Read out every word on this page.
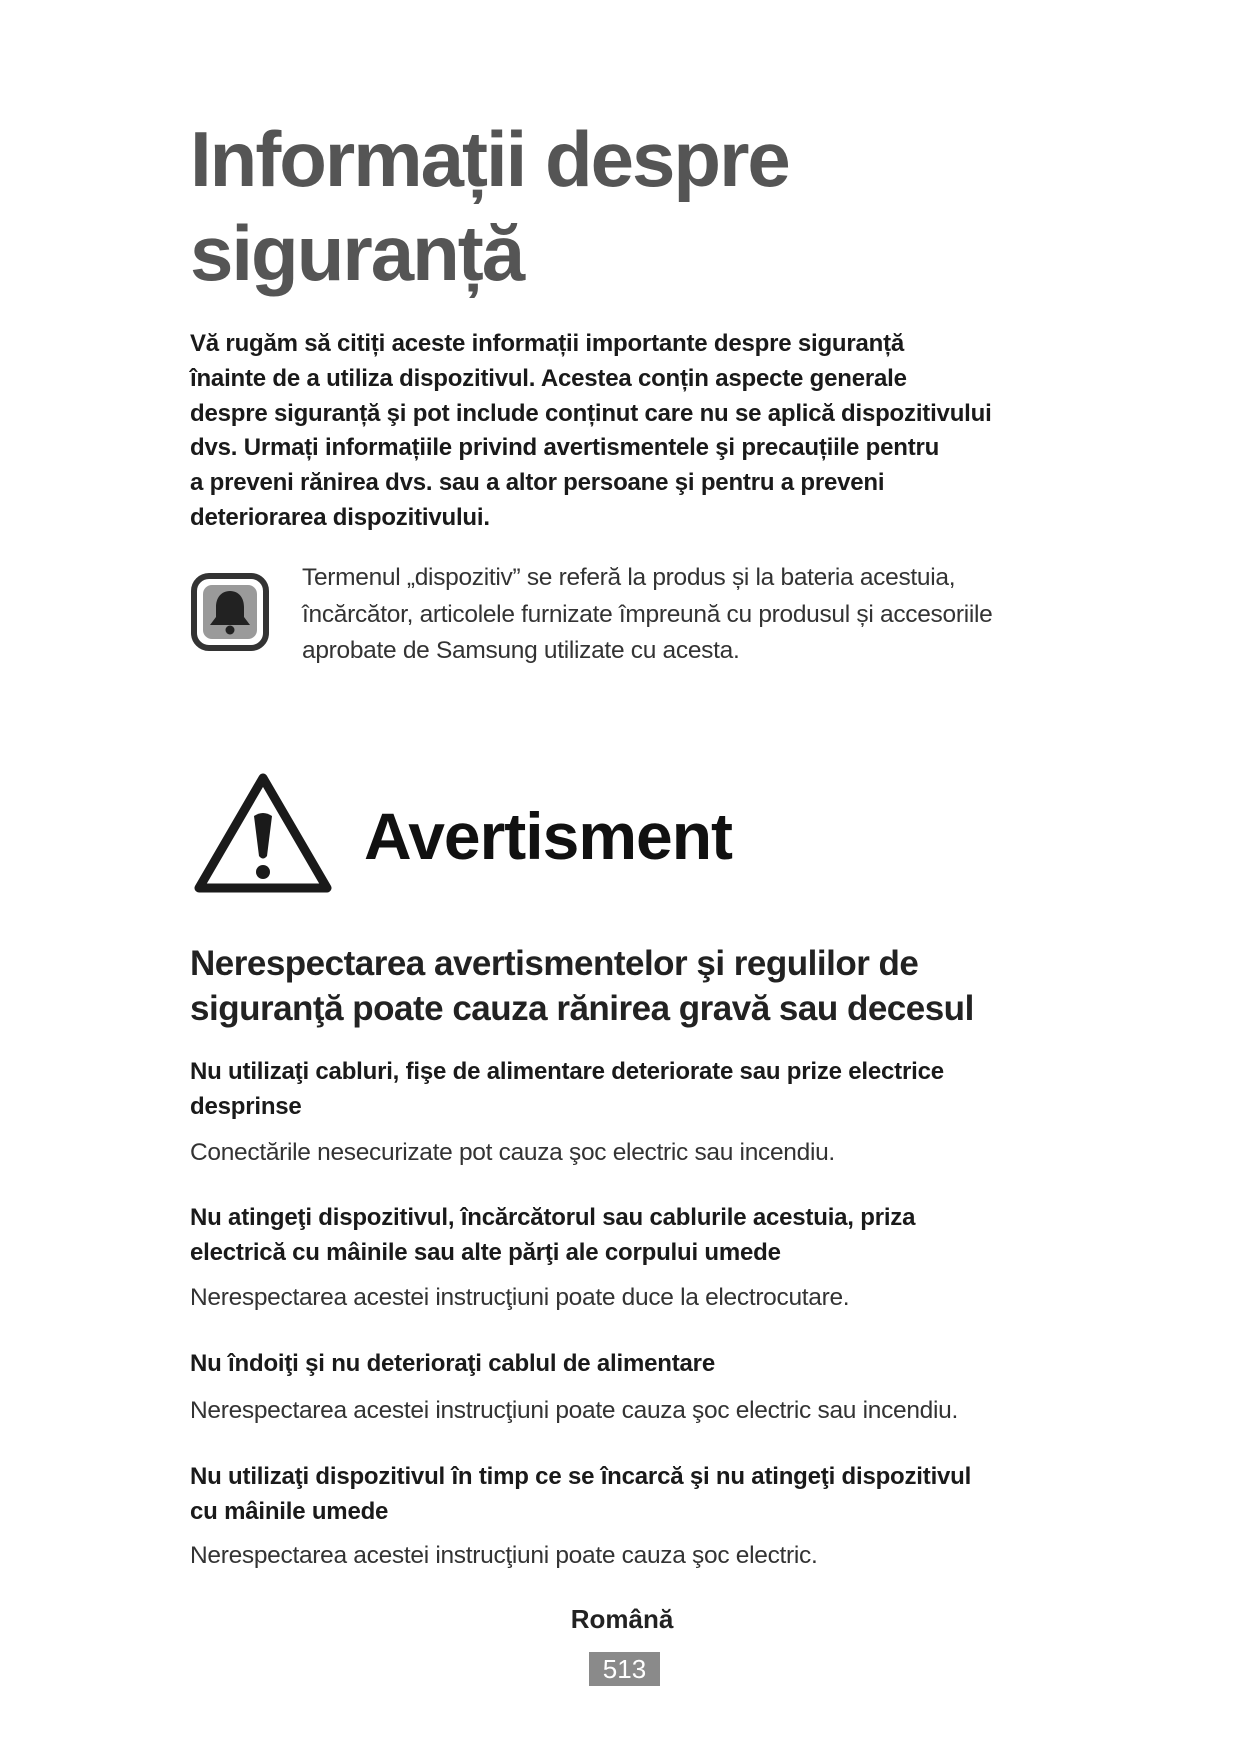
Informații despre
siguranță
Vă rugăm să citiți aceste informații importante despre siguranță
înainte de a utiliza dispozitivul. Acestea conțin aspecte generale
despre siguranță şi pot include conținut care nu se aplică dispozitivului
dvs. Urmați informațiile privind avertismentele şi precauțiile pentru
a preveni rănirea dvs. sau a altor persoane şi pentru a preveni
deteriorarea dispozitivului.
Termenul „dispozitiv” se referă la produs și la bateria acestuia,
încărcător, articolele furnizate împreună cu produsul și accesoriile
aprobate de Samsung utilizate cu acesta.
Avertisment
Nerespectarea avertismentelor şi regulilor de
siguranţă poate cauza rănirea gravă sau decesul
Nu utilizaţi cabluri, fişe de alimentare deteriorate sau prize electrice
desprinse
Conectările nesecurizate pot cauza şoc electric sau incendiu.
Nu atingeţi dispozitivul, încărcătorul sau cablurile acestuia, priza
electrică cu mâinile sau alte părţi ale corpului umede
Nerespectarea acestei instrucţiuni poate duce la electrocutare.
Nu îndoiţi şi nu deterioraţi cablul de alimentare
Nerespectarea acestei instrucţiuni poate cauza şoc electric sau incendiu.
Nu utilizaţi dispozitivul în timp ce se încarcă şi nu atingeţi dispozitivul
cu mâinile umede
Nerespectarea acestei instrucţiuni poate cauza şoc electric.
Română
513
